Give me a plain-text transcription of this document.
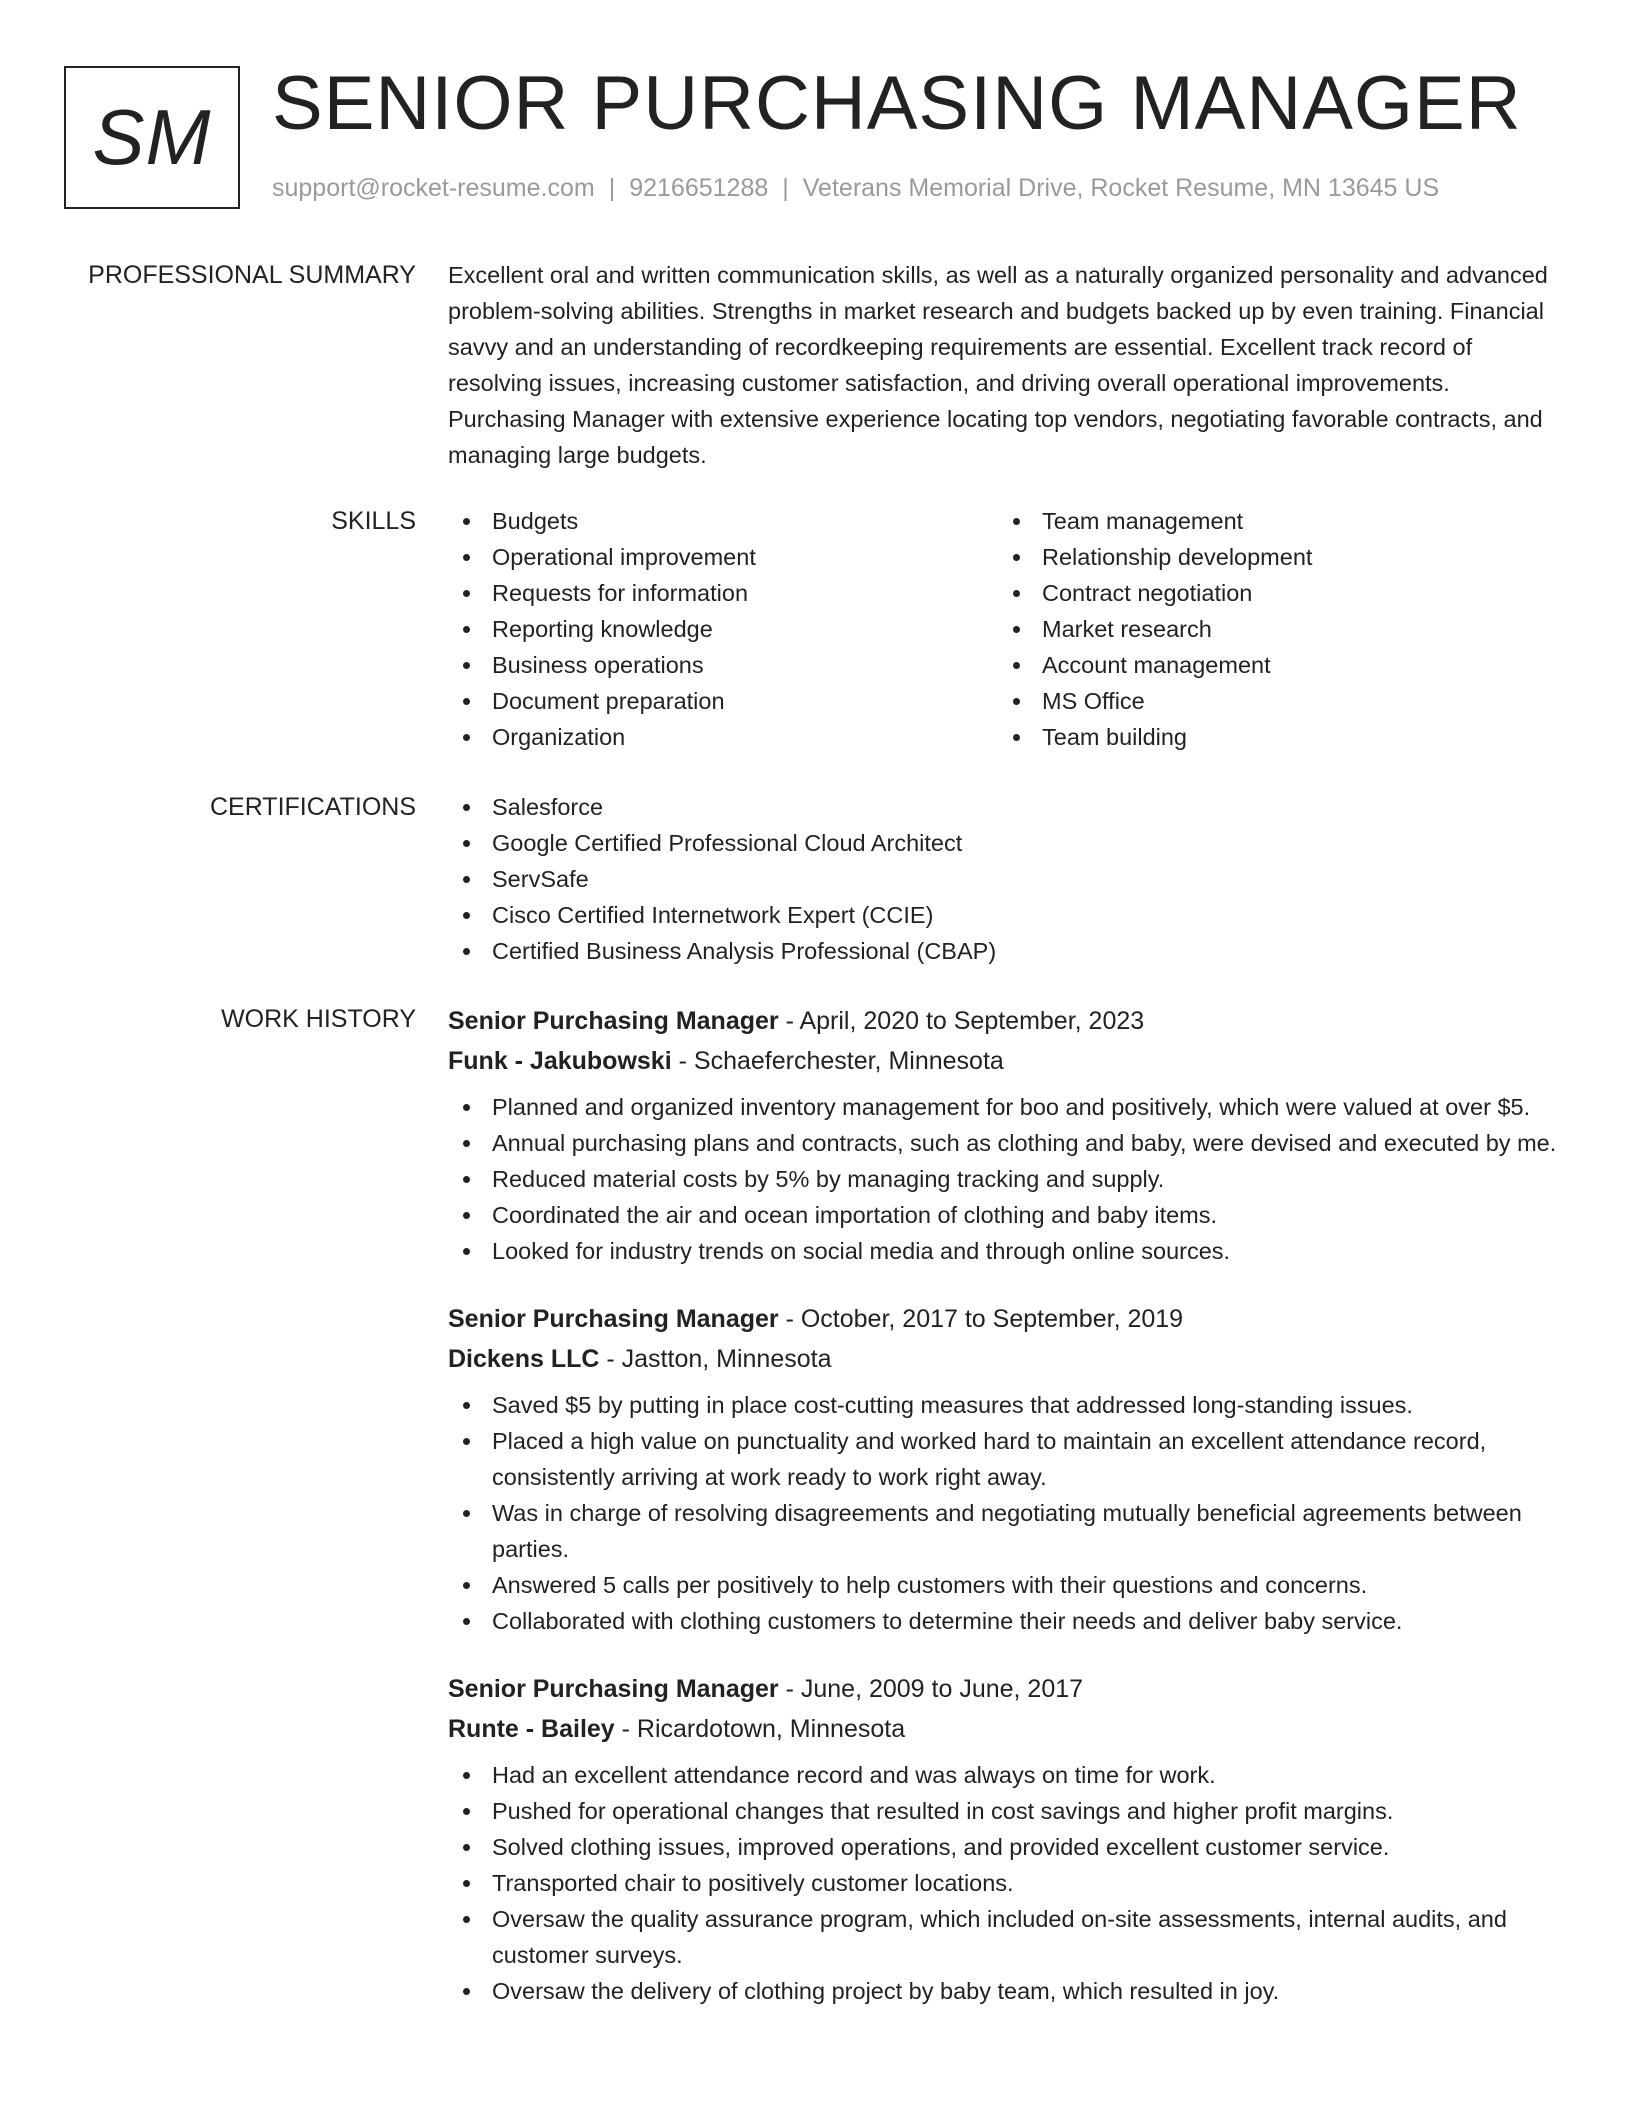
SM SENIOR PURCHASING MANAGER
support@rocket-resume.com | 9216651288 | Veterans Memorial Drive, Rocket Resume, MN 13645 US
PROFESSIONAL SUMMARY Excellent oral and written communication skills, as well as a naturally organized personality and advanced problem-solving abilities. Strengths in market research and budgets backed up by even training. Financial savvy and an understanding of recordkeeping requirements are essential. Excellent track record of resolving issues, increasing customer satisfaction, and driving overall operational improvements. Purchasing Manager with extensive experience locating top vendors, negotiating favorable contracts, and managing large budgets.
SKILLS	Budgets
Operational improvement
Requests for information
Reporting knowledge
Business operations
Document preparation
Organization
Team management
Relationship development
Contract negotiation
Market research
Account management
MS Office
Team building
CERTIFICATIONS	Salesforce
Google Certified Professional Cloud Architect
ServSafe
Cisco Certified Internetwork Expert (CCIE)
Certified Business Analysis Professional (CBAP)
WORK HISTORY Senior Purchasing Manager - April, 2020 to September, 2023
Funk - Jakubowski - Schaeferchester, Minnesota
Planned and organized inventory management for boo and positively, which were valued at over $5.
Annual purchasing plans and contracts, such as clothing and baby, were devised and executed by me.
Reduced material costs by 5% by managing tracking and supply.
Coordinated the air and ocean importation of clothing and baby items.
Looked for industry trends on social media and through online sources.
Senior Purchasing Manager - October, 2017 to September, 2019
Dickens LLC - Jastton, Minnesota
Saved $5 by putting in place cost-cutting measures that addressed long-standing issues.
Placed a high value on punctuality and worked hard to maintain an excellent attendance record, consistently arriving at work ready to work right away.
Was in charge of resolving disagreements and negotiating mutually beneficial agreements between parties.
Answered 5 calls per positively to help customers with their questions and concerns.
Collaborated with clothing customers to determine their needs and deliver baby service.
Senior Purchasing Manager - June, 2009 to June, 2017
Runte - Bailey - Ricardotown, Minnesota
Had an excellent attendance record and was always on time for work.
Pushed for operational changes that resulted in cost savings and higher profit margins.
Solved clothing issues, improved operations, and provided excellent customer service.
Transported chair to positively customer locations.
Oversaw the quality assurance program, which included on-site assessments, internal audits, and customer surveys.
Oversaw the delivery of clothing project by baby team, which resulted in joy.
